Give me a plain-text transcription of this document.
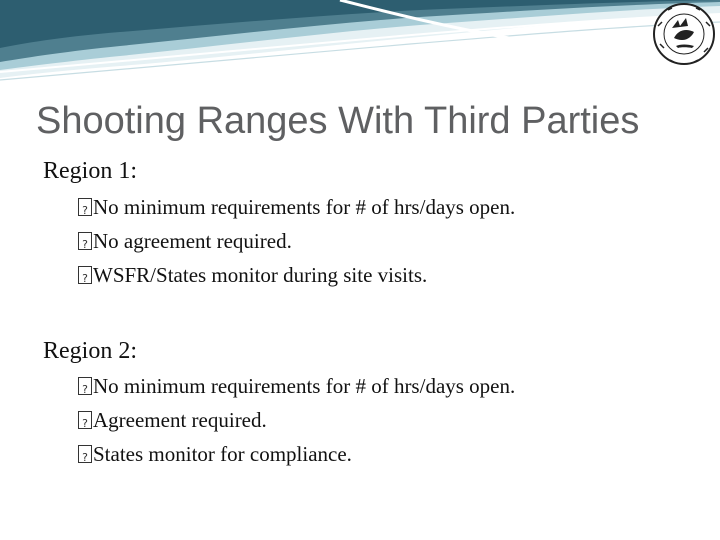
Shooting Ranges With Third Parties
Region 1:
?
No minimum requirements for # of hrs/days open.
?
No agreement required.
?
WSFR/States monitor during site visits.
Region 2:
?
No minimum requirements for # of hrs/days open.
?
Agreement required.
?
States monitor for compliance.
